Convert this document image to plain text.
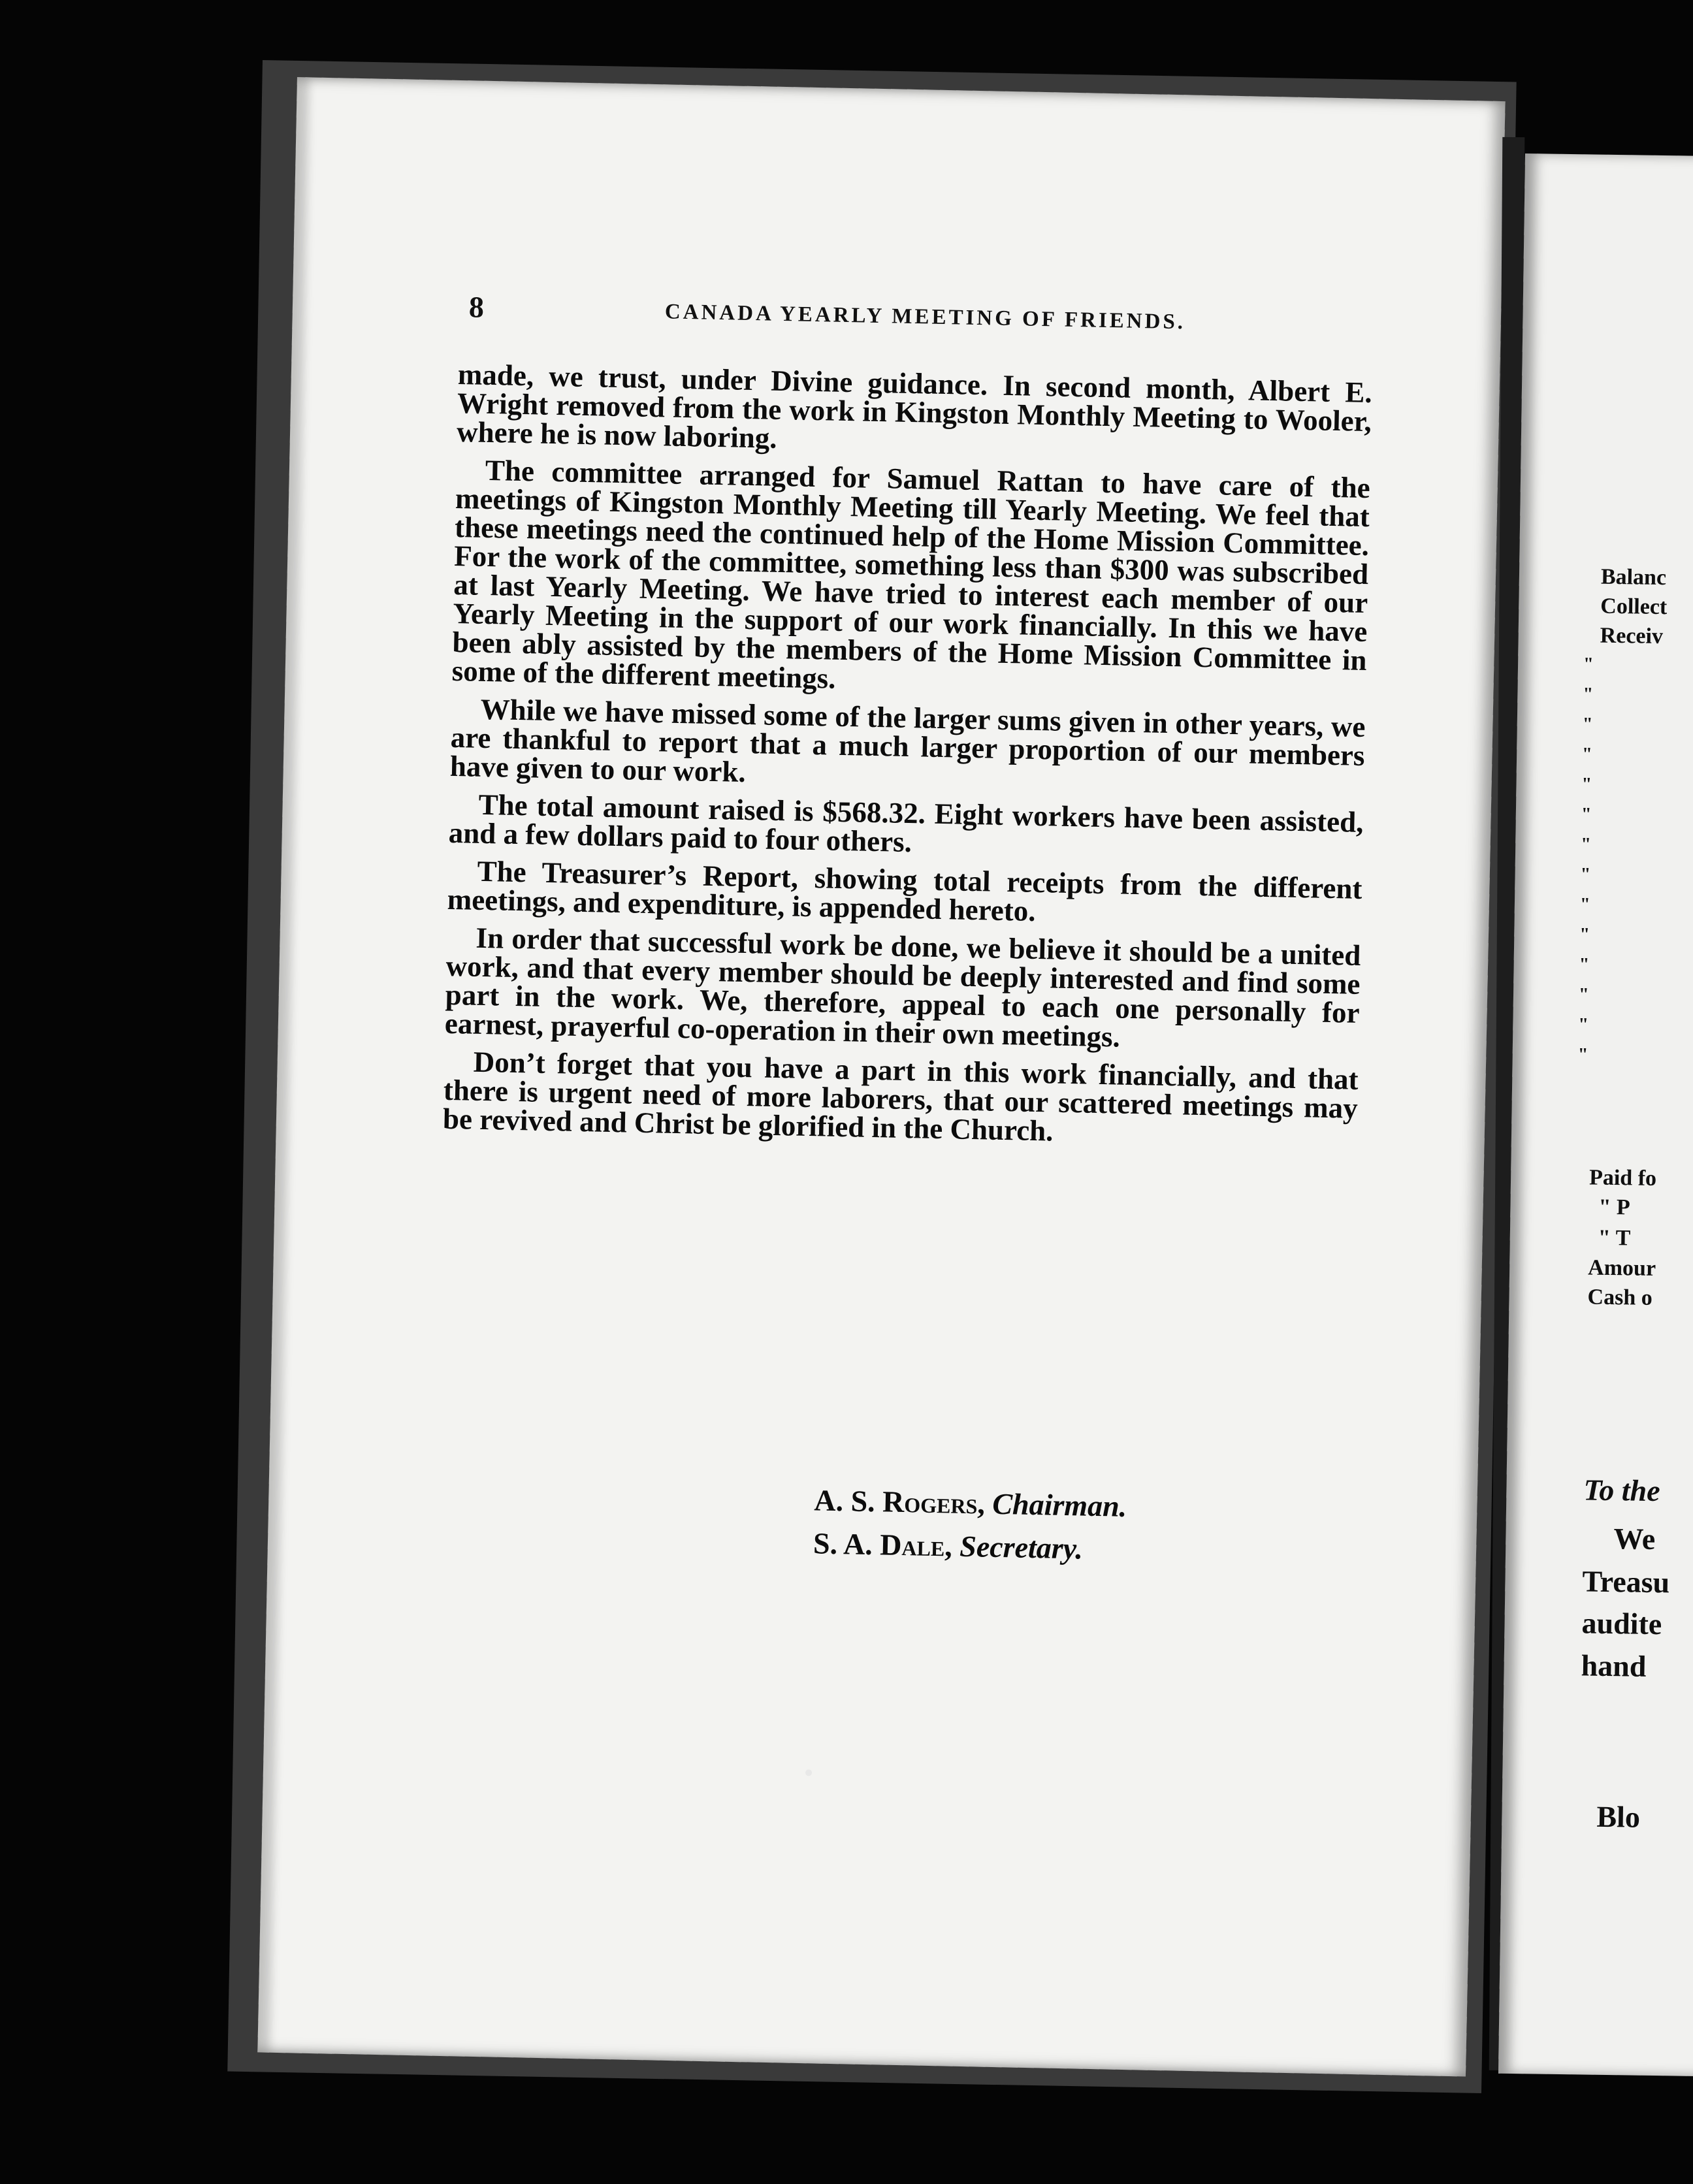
8	CANADA YEARLY MEETING OF FRIENDS.

made, we trust, under Divine guidance. In second month, Albert E. Wright removed from the work in Kingston Monthly Meeting to Wooler, where he is now laboring.

The committee arranged for Samuel Rattan to have care of the meetings of Kingston Monthly Meeting till Yearly Meeting. We feel that these meetings need the continued help of the Home Mission Committee. For the work of the committee, something less than $300 was subscribed at last Yearly Meeting. We have tried to interest each member of our Yearly Meeting in the support of our work financially. In this we have been ably assisted by the members of the Home Mission Committee in some of the different meetings.

While we have missed some of the larger sums given in other years, we are thankful to report that a much larger proportion of our members have given to our work.

The total amount raised is $568.32. Eight workers have been assisted, and a few dollars paid to four others.

The Treasurer’s Report, showing total receipts from the different meetings, and expenditure, is appended hereto.

In order that successful work be done, we believe it should be a united work, and that every member should be deeply interested and find some part in the work. We, therefore, appeal to each one personally for earnest, prayerful co-operation in their own meetings.

Don’t forget that you have a part in this work financially, and that there is urgent need of more laborers, that our scattered meetings may be revived and Christ be glorified in the Church.

A. S. Rogers, Chairman.
S. A. Dale, Secretary.
Balanc
Collect
Receiv
"
"
"
"
"
"
"
"
"
"
"
"
"
"
Paid fo
" P
" T
Amour
Cash o
To the
We
Treasu
audite
hand
Blo
